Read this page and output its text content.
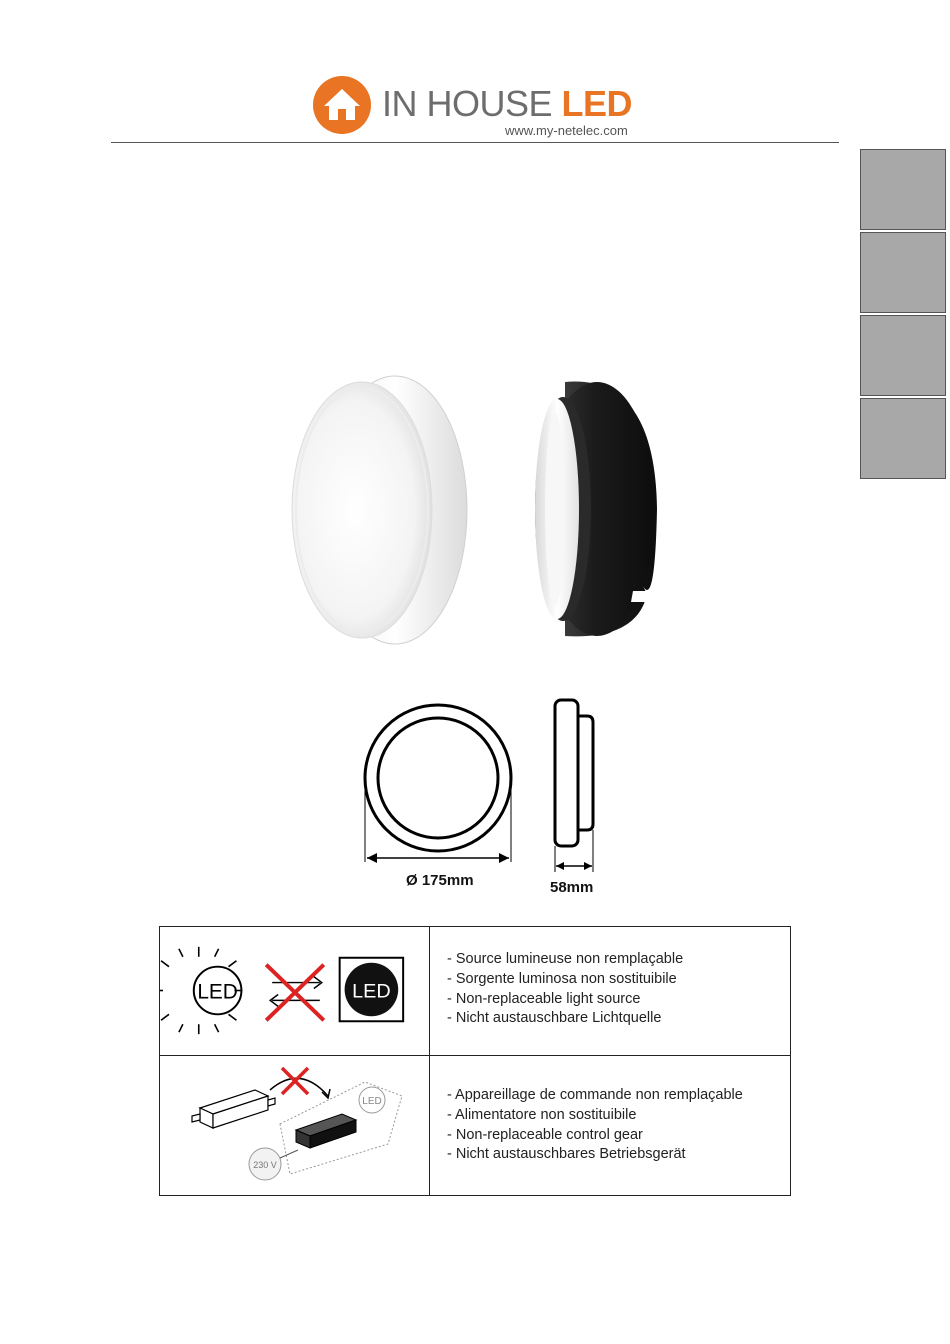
IN HOUSE LED
www.my-netelec.com
Ø 175mm	58mm
LED	LED
- Source lumineuse non remplaçable
- Sorgente luminosa non sostituibile
- Non-replaceable light source
- Nicht austauschbare Lichtquelle
LED
230 V
- Appareillage de commande non remplaçable
- Alimentatore non sostituibile
- Non-replaceable control gear
- Nicht austauschbares Betriebsgerät
